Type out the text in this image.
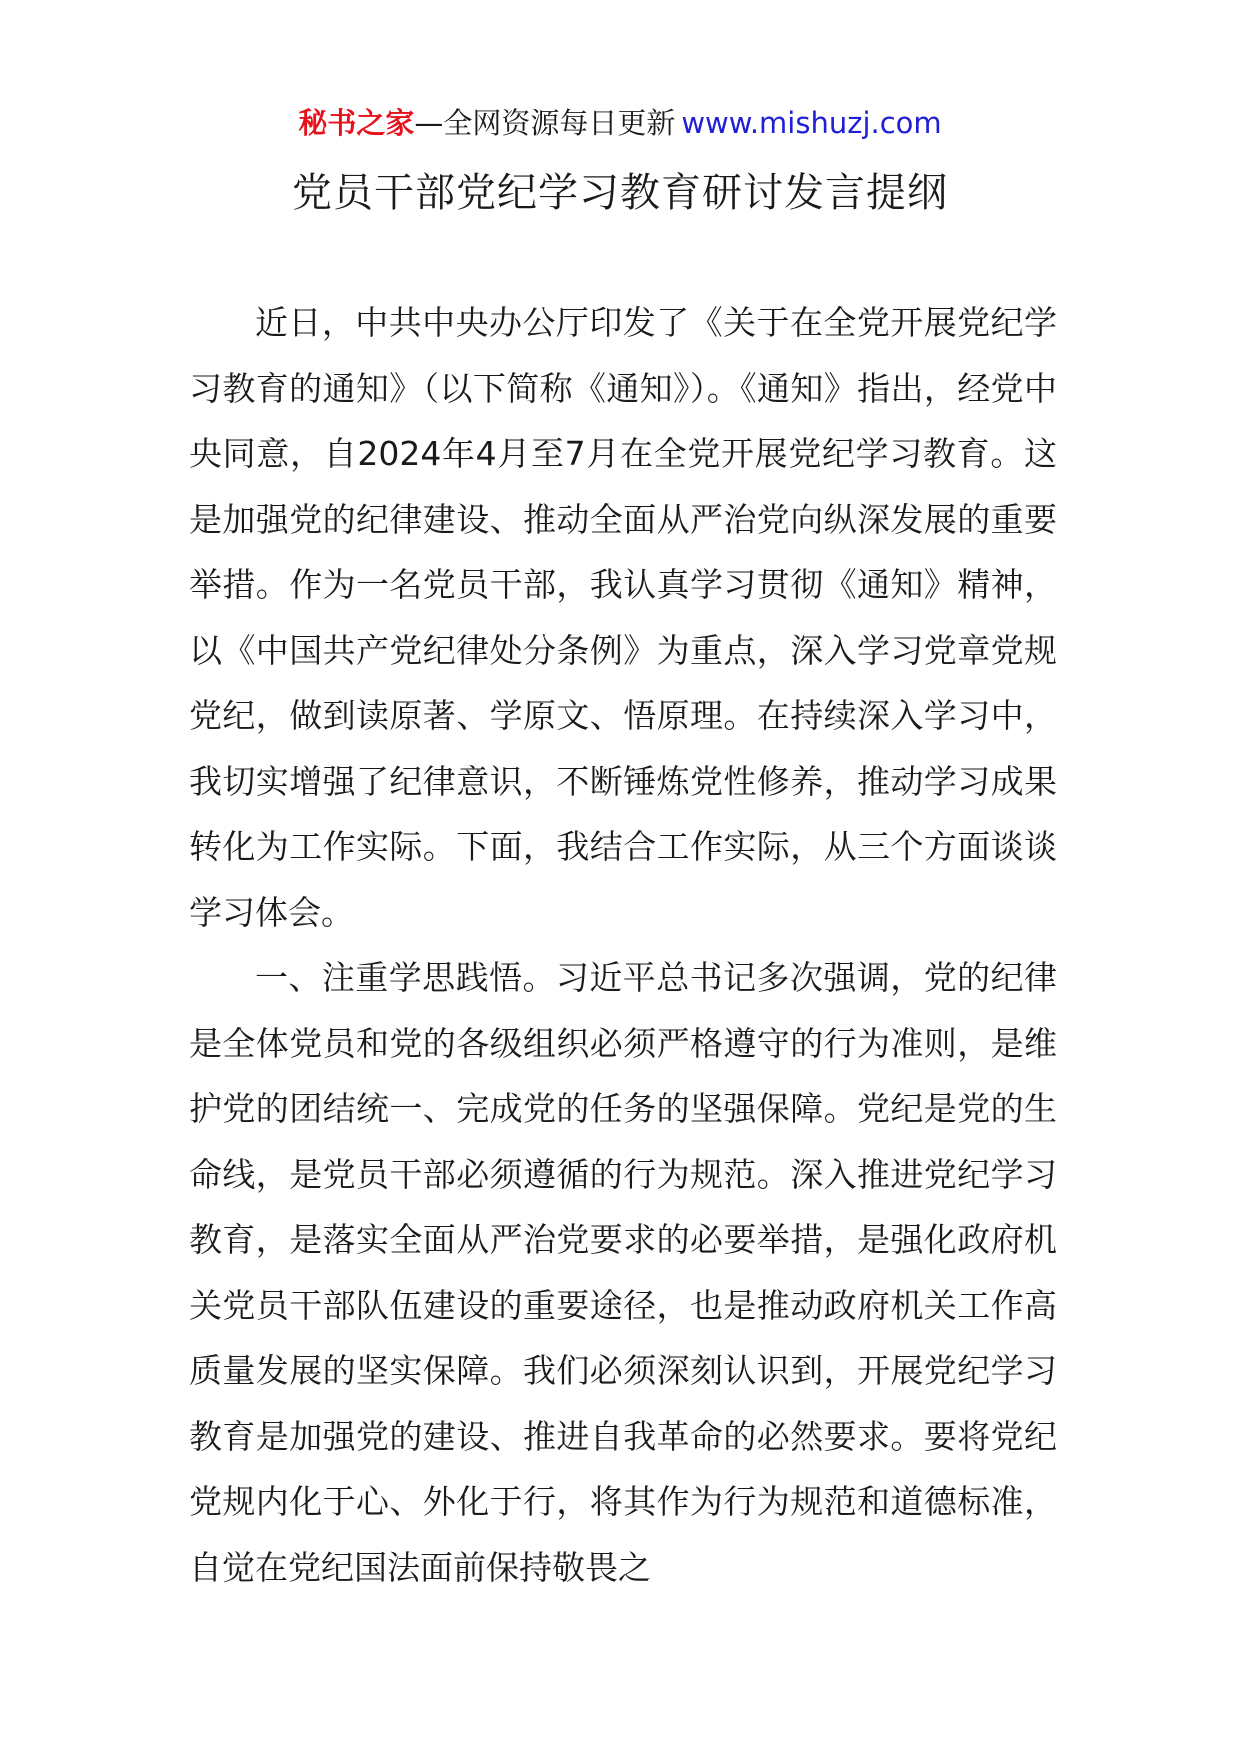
秘书之家—全网资源每日更新 www.mishuzj.com
党员干部党纪学习教育研讨发言提纲

近日，中共中央办公厅印发了《关于在全党开展党纪学习教育的通知》（以下简称《通知》）。《通知》指出，经党中央同意，自2024年4月至7月在全党开展党纪学习教育。这是加强党的纪律建设、推动全面从严治党向纵深发展的重要举措。作为一名党员干部，我认真学习贯彻《通知》精神，以《中国共产党纪律处分条例》为重点，深入学习党章党规党纪，做到读原著、学原文、悟原理。在持续深入学习中，我切实增强了纪律意识，不断锤炼党性修养，推动学习成果转化为工作实际。下面，我结合工作实际，从三个方面谈谈学习体会。

一、注重学思践悟。习近平总书记多次强调，党的纪律是全体党员和党的各级组织必须严格遵守的行为准则，是维护党的团结统一、完成党的任务的坚强保障。党纪是党的生命线，是党员干部必须遵循的行为规范。深入推进党纪学习教育，是落实全面从严治党要求的必要举措，是强化政府机关党员干部队伍建设的重要途径，也是推动政府机关工作高质量发展的坚实保障。我们必须深刻认识到，开展党纪学习教育是加强党的建设、推进自我革命的必然要求。要将党纪党规内化于心、外化于行，将其作为行为规范和道德标准，自觉在党纪国法面前保持敬畏之
